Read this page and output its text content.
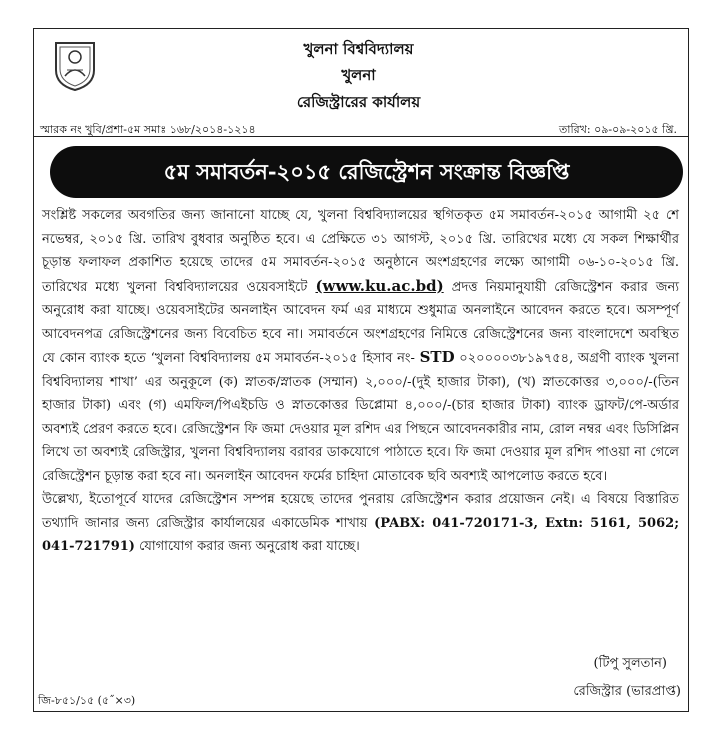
খুলনা বিশ্ববিদ্যালয়
খুলনা
রেজিস্ট্রারের কার্যালয়
স্মারক নং খুবি/প্রশা-৫ম সমাঃ ১৬৮/২০১৪-১২১৪	তারিখ: ০৯-০৯-২০১৫ খ্রি.
৫ম সমাবর্তন-২০১৫ রেজিস্ট্রেশন সংক্রান্ত বিজ্ঞপ্তি

সংশ্লিষ্ট সকলের অবগতির জন্য জানানো যাচ্ছে যে, খুলনা বিশ্ববিদ্যালয়ের স্থগিতকৃত ৫ম সমাবর্তন-২০১৫ আগামী ২৫ শে নভেম্বর, ২০১৫ খ্রি. তারিখ বুধবার অনুষ্ঠিত হবে। এ প্রেক্ষিতে ৩১ আগস্ট, ২০১৫ খ্রি. তারিখের মধ্যে যে সকল শিক্ষার্থীর চূড়ান্ত ফলাফল প্রকাশিত হয়েছে তাদের ৫ম সমাবর্তন-২০১৫ অনুষ্ঠানে অংশগ্রহণের লক্ষ্যে আগামী ০৬-১০-২০১৫ খ্রি. তারিখের মধ্যে খুলনা বিশ্ববিদ্যালয়ের ওয়েবসাইটে (www.ku.ac.bd) প্রদত্ত নিয়মানুযায়ী রেজিস্ট্রেশন করার জন্য অনুরোধ করা যাচ্ছে। ওয়েবসাইটের অনলাইন আবেদন ফর্ম এর মাধ্যমে শুধুমাত্র অনলাইনে আবেদন করতে হবে। অসম্পূর্ণ আবেদনপত্র রেজিস্ট্রেশনের জন্য বিবেচিত হবে না। সমাবর্তনে অংশগ্রহণের নিমিত্তে রেজিস্ট্রেশনের জন্য বাংলাদেশে অবস্থিত যে কোন ব্যাংক হতে ‘খুলনা বিশ্ববিদ্যালয় ৫ম সমাবর্তন-২০১৫ হিসাব নং- STD ০২০০০০৩৮১৯৭৫৪, অগ্রণী ব্যাংক খুলনা বিশ্ববিদ্যালয় শাখা’ এর অনুকূলে (ক) স্নাতক/স্নাতক (সম্মান) ২,০০০/-(দুই হাজার টাকা), (খ) স্নাতকোত্তর ৩,০০০/-(তিন হাজার টাকা) এবং (গ) এমফিল/পিএইচডি ও স্নাতকোত্তর ডিপ্লোমা ৪,০০০/-(চার হাজার টাকা) ব্যাংক ড্রাফট/পে-অর্ডার অবশ্যই প্রেরণ করতে হবে। রেজিস্ট্রেশন ফি জমা দেওয়ার মূল রশিদ এর পিছনে আবেদনকারীর নাম, রোল নম্বর এবং ডিসিপ্লিন লিখে তা অবশ্যই রেজিস্ট্রার, খুলনা বিশ্ববিদ্যালয় বরাবর ডাকযোগে পাঠাতে হবে। ফি জমা দেওয়ার মূল রশিদ পাওয়া না গেলে রেজিস্ট্রেশন চূড়ান্ত করা হবে না। অনলাইন আবেদন ফর্মের চাহিদা মোতাবেক ছবি অবশ্যই আপলোড করতে হবে।

উল্লেখ্য, ইতোপূর্বে যাদের রেজিস্ট্রেশন সম্পন্ন হয়েছে তাদের পুনরায় রেজিস্ট্রেশন করার প্রয়োজন নেই। এ বিষয়ে বিস্তারিত তথ্যাদি জানার জন্য রেজিস্ট্রার কার্যালয়ের একাডেমিক শাখায় (PABX: 041-720171-3, Extn: 5161, 5062; 041-721791) যোগাযোগ করার জন্য অনুরোধ করা যাচ্ছে।

(টিপু সুলতান)
রেজিস্ট্রার (ভারপ্রাপ্ত)
জি-৮৫১/১৫ (৫˝×৩)
